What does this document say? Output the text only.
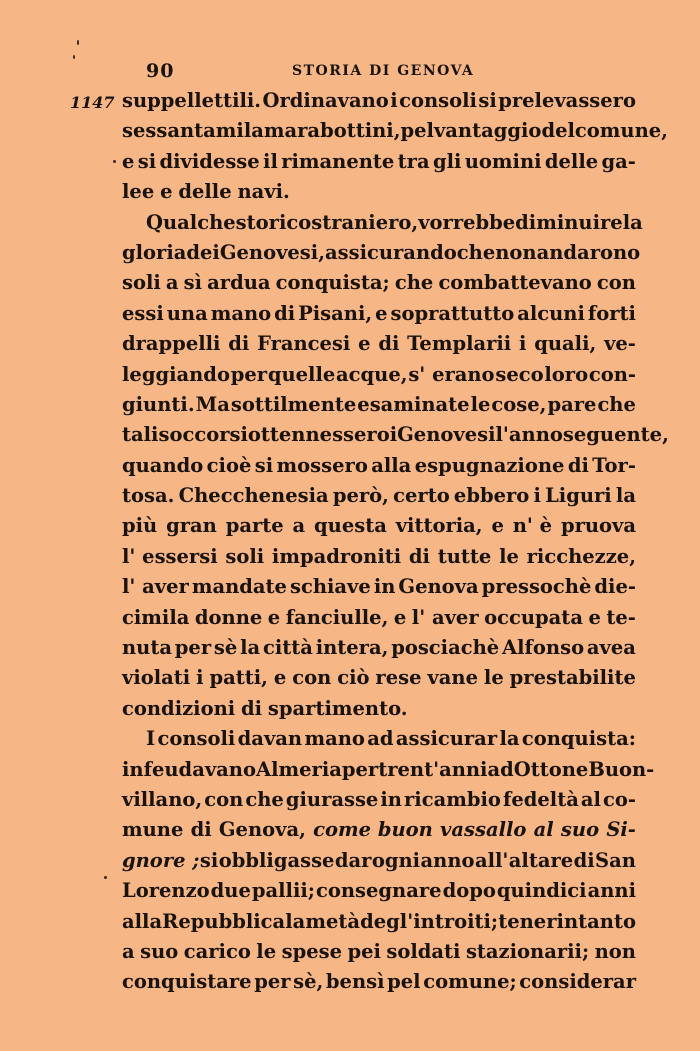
90	STORIA DI GENOVA
1147 suppellettili. Ordinavano i consoli si prelevassero
sessantamila marabottini, pel vantaggio del comune,
e si dividesse il rimanente tra gli uomini delle ga-
lee e delle navi.
Qualche storico straniero, vorrebbe diminuire la
gloria dei Genovesi, assicurando che non andarono
soli a sì ardua conquista; che combattevano con
essi una mano di Pisani, e soprattutto alcuni forti
drappelli di Francesi e di Templarii i quali, ve-
leggiando per quelle acque, s' erano seco loro con-
giunti. Ma sottilmente esaminate le cose, pare che
tali soccorsi ottennessero i Genovesi l'anno seguente,
quando cioè si mossero alla espugnazione di Tor-
tosa. Checchenesia però, certo ebbero i Liguri la
più gran parte a questa vittoria, e n' è pruova
l' essersi soli impadroniti di tutte le ricchezze,
l' aver mandate schiave in Genova pressochè die-
cimila donne e fanciulle, e l' aver occupata e te-
nuta per sè la città intera, posciachè Alfonso avea
violati i patti, e con ciò rese vane le prestabilite
condizioni di spartimento.
I consoli davan mano ad assicurar la conquista:
infeudavano Almeria per trent' anni ad Ottone Buon-
villano, con che giurasse in ricambio fedeltà al co-
mune di Genova, come buon vassallo al suo Si-
gnore ; si obbligasse dar ogni anno all' altare di San
Lorenzo due pallii; consegnare dopo quindici anni
alla Repubblica la metà degl' introiti; tener intanto
a suo carico le spese pei soldati stazionarii; non
conquistare per sè, bensì pel comune; considerar
